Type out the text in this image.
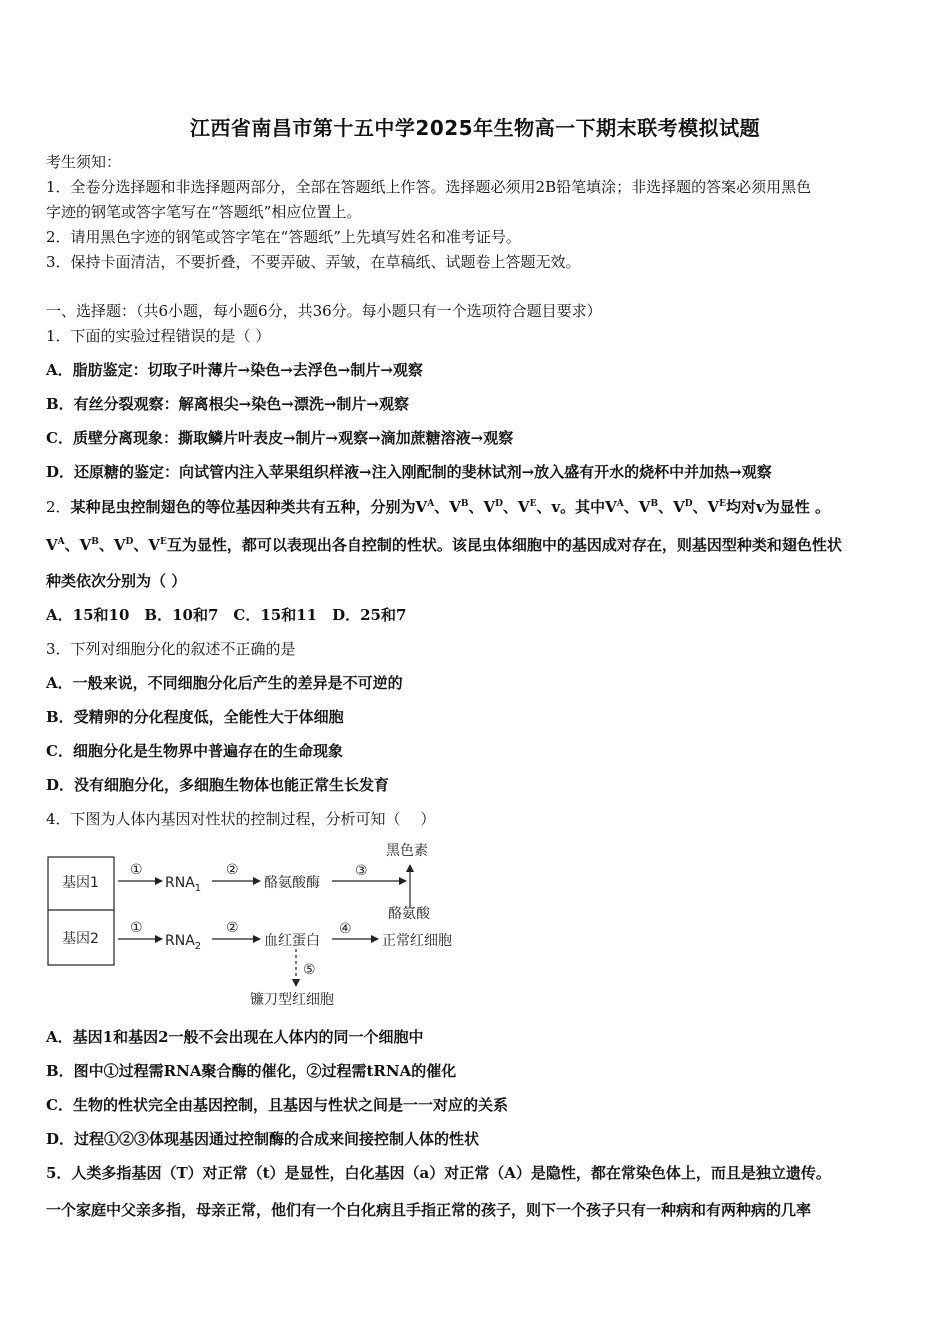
江西省南昌市第十五中学2025年生物高一下期末联考模拟试题
考生须知：
1．全卷分选择题和非选择题两部分，全部在答题纸上作答。选择题必须用2B铅笔填涂；非选择题的答案必须用黑色
字迹的钢笔或答字笔写在“答题纸”相应位置上。
2．请用黑色字迹的钢笔或答字笔在“答题纸”上先填写姓名和准考证号。
3．保持卡面清洁，不要折叠，不要弄破、弄皱，在草稿纸、试题卷上答题无效。
一、选择题：（共6小题，每小题6分，共36分。每小题只有一个选项符合题目要求）
1．下面的实验过程错误的是（ ）
A．脂肪鉴定：切取子叶薄片→染色→去浮色→制片→观察
B．有丝分裂观察：解离根尖→染色→漂洗→制片→观察
C．质壁分离现象：撕取鳞片叶表皮→制片→观察→滴加蔗糖溶液→观察
D．还原糖的鉴定：向试管内注入苹果组织样液→注入刚配制的斐林试剂→放入盛有开水的烧杯中并加热→观察
2．某种昆虫控制翅色的等位基因种类共有五种，分别为$V^A$、$V^B$、$V^D$、$V^E$、v。其中$V^A$、$V^B$、$V^D$、$V^E$均对v为显性 。
$V^A$、$V^B$、$V^D$、$V^E$互为显性，都可以表现出各自控制的性状。该昆虫体细胞中的基因成对存在，则基因型种类和翅色性状
种类依次分别为（ ）
A．15和10　B．10和7　C．15和11　D．25和7
3．下列对细胞分化的叙述不正确的是
A．一般来说，不同细胞分化后产生的差异是不可逆的
B．受精卵的分化程度低，全能性大于体细胞
C．细胞分化是生物界中普遍存在的生命现象
D．没有细胞分化，多细胞生物体也能正常生长发育
4．下图为人体内基因对性状的控制过程，分析可知（　 ）
基因1
基因2
①
$RNA_1$
②
酪氨酸酶
③
黑色素
酪氨酸
①
$RNA_2$
②
血红蛋白
④
正常红细胞
⑤
镰刀型红细胞
A．基因1和基因2一般不会出现在人体内的同一个细胞中
B．图中①过程需RNA聚合酶的催化，②过程需tRNA的催化
C．生物的性状完全由基因控制，且基因与性状之间是一一对应的关系
D．过程①②③体现基因通过控制酶的合成来间接控制人体的性状
5．人类多指基因（T）对正常（t）是显性，白化基因（a）对正常（A）是隐性，都在常染色体上，而且是独立遗传。
一个家庭中父亲多指，母亲正常，他们有一个白化病且手指正常的孩子，则下一个孩子只有一种病和有两种病的几率
